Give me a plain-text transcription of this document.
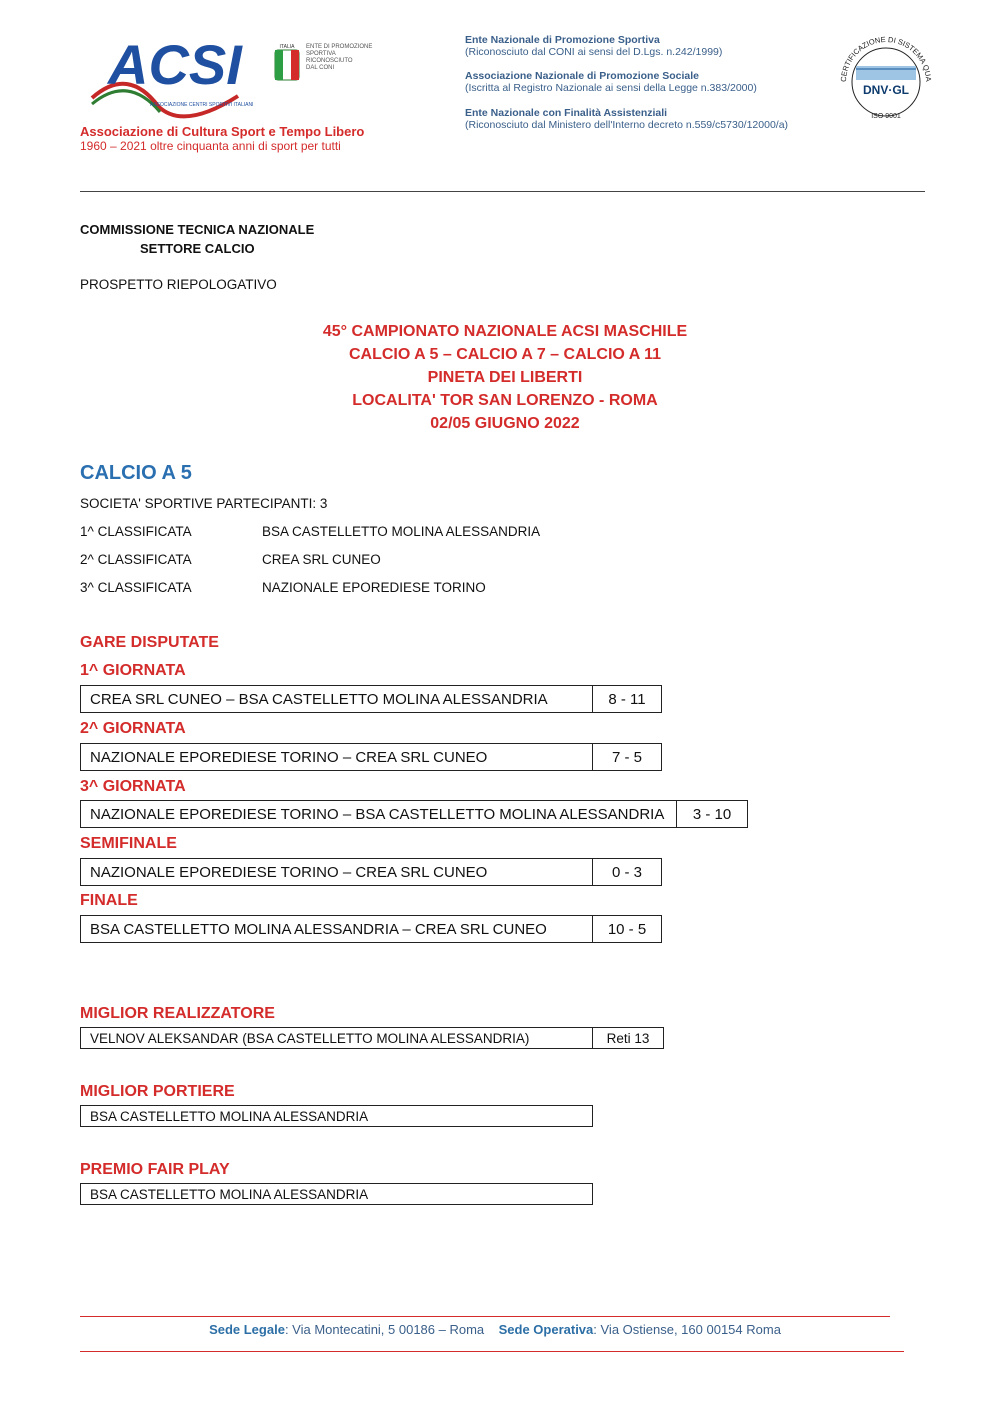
ACSI
ASSOCIAZIONE CENTRI SPORTIVI ITALIANI
ITALIA ENTE DI PROMOZIONE
SPORTIVA
RICONOSCIUTO
DAL CONI
Associazione di Cultura Sport e Tempo Libero
1960 – 2021 oltre cinquanta anni di sport per tutti
Ente Nazionale di Promozione Sportiva
(Riconosciuto dal CONI ai sensi del D.Lgs. n.242/1999)
Associazione Nazionale di Promozione Sociale
(Iscritta al Registro Nazionale ai sensi della Legge n.383/2000)
Ente Nazionale con Finalità Assistenziali
(Riconosciuto dal Ministero dell'Interno decreto n.559/c5730/12000/a)
CERTIFICAZIONE DI SISTEMA QUA
DNV·GL
ISO 9001
COMMISSIONE TECNICA NAZIONALE
SETTORE CALCIO
PROSPETTO RIEPOLOGATIVO
45° CAMPIONATO NAZIONALE ACSI MASCHILE
CALCIO A 5 – CALCIO A 7 – CALCIO A 11
PINETA DEI LIBERTI
LOCALITA' TOR SAN LORENZO - ROMA
02/05 GIUGNO 2022
CALCIO A 5
SOCIETA' SPORTIVE PARTECIPANTI: 3
1^ CLASSIFICATA	BSA CASTELLETTO MOLINA ALESSANDRIA
2^ CLASSIFICATA	CREA SRL CUNEO
3^ CLASSIFICATA	NAZIONALE EPOREDIESE TORINO
GARE DISPUTATE
1^ GIORNATA
CREA SRL CUNEO – BSA CASTELLETTO MOLINA ALESSANDRIA	8 - 11
2^ GIORNATA
NAZIONALE EPOREDIESE TORINO – CREA SRL CUNEO	7 - 5
3^ GIORNATA
NAZIONALE EPOREDIESE TORINO – BSA CASTELLETTO MOLINA ALESSANDRIA	3 - 10
SEMIFINALE
NAZIONALE EPOREDIESE TORINO – CREA SRL CUNEO	0 - 3
FINALE
BSA CASTELLETTO MOLINA ALESSANDRIA – CREA SRL CUNEO	10 - 5
MIGLIOR REALIZZATORE
VELNOV ALEKSANDAR (BSA CASTELLETTO MOLINA ALESSANDRIA)	Reti 13
MIGLIOR PORTIERE
BSA CASTELLETTO MOLINA ALESSANDRIA
PREMIO FAIR PLAY
BSA CASTELLETTO MOLINA ALESSANDRIA
Sede Legale: Via Montecatini, 5 00186 – Roma Sede Operativa: Via Ostiense, 160 00154 Roma
